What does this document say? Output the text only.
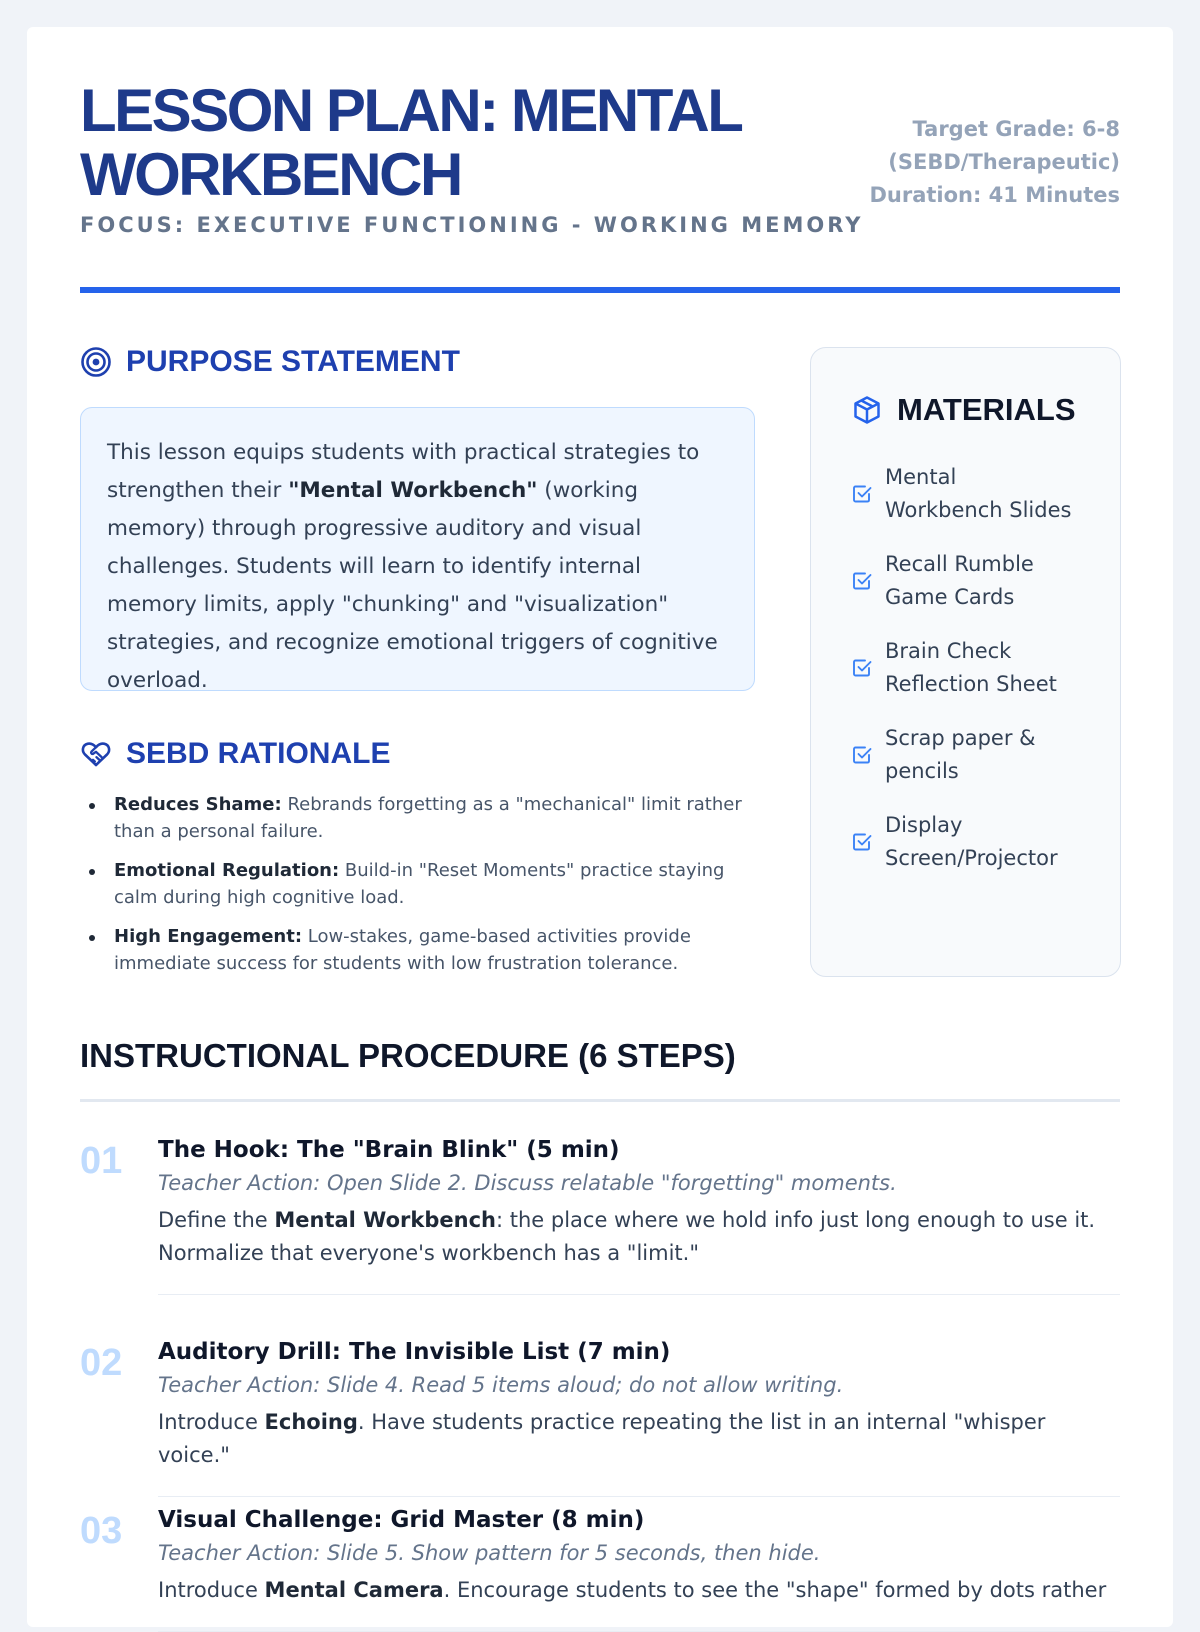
LESSON PLAN: MENTAL WORKBENCH
FOCUS: EXECUTIVE FUNCTIONING - WORKING MEMORY
Target Grade: 6-8
(SEBD/Therapeutic)
Duration: 41 Minutes
PURPOSE STATEMENT
This lesson equips students with practical strategies to strengthen their "Mental Workbench" (working memory) through progressive auditory and visual challenges. Students will learn to identify internal memory limits, apply "chunking" and "visualization" strategies, and recognize emotional triggers of cognitive overload.
SEBD RATIONALE
Reduces Shame: Rebrands forgetting as a "mechanical" limit rather than a personal failure.
Emotional Regulation: Build-in "Reset Moments" practice staying calm during high cognitive load.
High Engagement: Low-stakes, game-based activities provide immediate success for students with low frustration tolerance.
MATERIALS
Mental Workbench Slides
Recall Rumble Game Cards
Brain Check Reflection Sheet
Scrap paper & pencils
Display Screen/Projector
INSTRUCTIONAL PROCEDURE (6 STEPS)
01 The Hook: The "Brain Blink" (5 min)
Teacher Action: Open Slide 2. Discuss relatable "forgetting" moments.
Define the Mental Workbench: the place where we hold info just long enough to use it. Normalize that everyone's workbench has a "limit."
02 Auditory Drill: The Invisible List (7 min)
Teacher Action: Slide 4. Read 5 items aloud; do not allow writing.
Introduce Echoing. Have students practice repeating the list in an internal "whisper voice."
03 Visual Challenge: Grid Master (8 min)
Teacher Action: Slide 5. Show pattern for 5 seconds, then hide.
Introduce Mental Camera. Encourage students to see the "shape" formed by dots rather
